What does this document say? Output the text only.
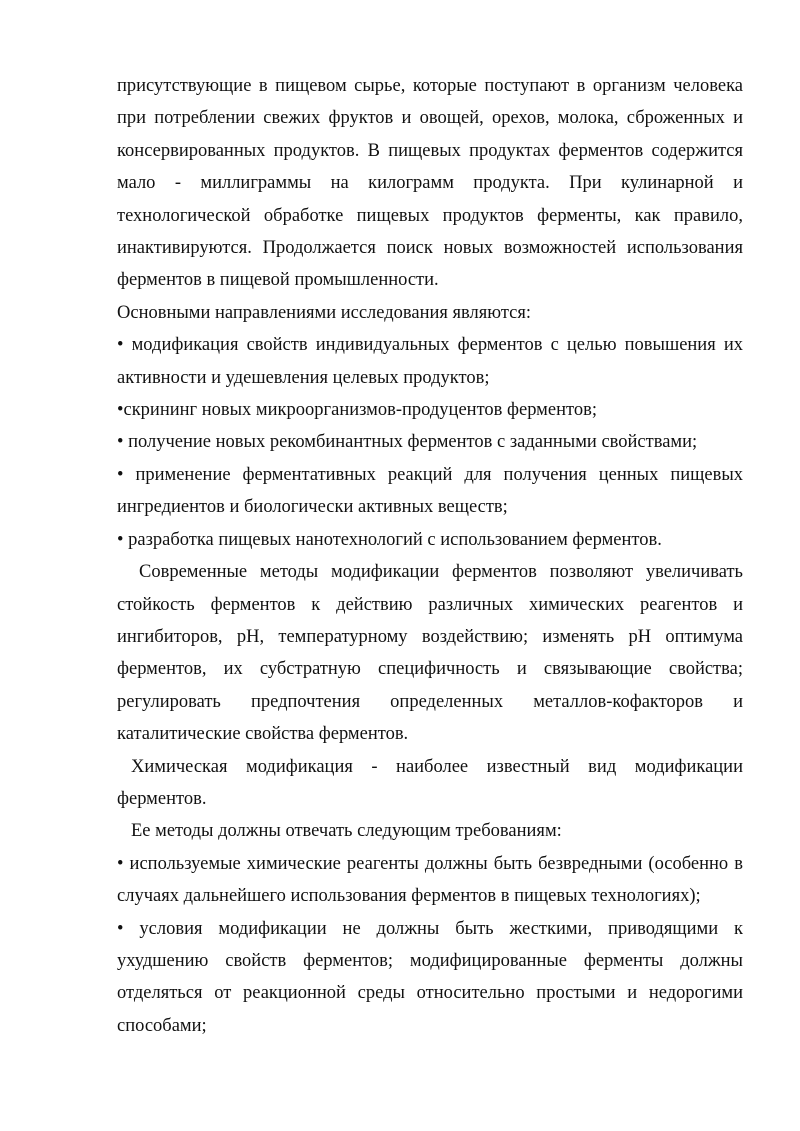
присутствующие в пищевом сырье, которые поступают в организм человека при потреблении свежих фруктов и овощей, орехов, молока, сброженных и консервированных продуктов. В пищевых продуктах ферментов содержится мало - миллиграммы на килограмм продукта. При кулинарной и технологической обработке пищевых продуктов ферменты, как правило, инактивируются. Продолжается поиск новых возможностей использования ферментов в пищевой промышленности.

Основными направлениями исследования являются:

• модификация свойств индивидуальных ферментов с целью повышения их активности и удешевления целевых продуктов;

•скрининг новых микроорганизмов-продуцентов ферментов;

• получение новых рекомбинантных ферментов с заданными свойствами;

• применение ферментативных реакций для получения ценных пищевых ингредиентов и биологически активных веществ;

• разработка пищевых нанотехнологий с использованием ферментов.

Современные методы модификации ферментов позволяют увеличивать стойкость ферментов к действию различных химических реагентов и ингибиторов, pH, температурному воздействию; изменять pH оптимума ферментов, их субстратную специфичность и связывающие свойства; регулировать предпочтения определенных металлов-кофакторов и каталитические свойства ферментов.

Химическая модификация - наиболее известный вид модификации ферментов.

Ее методы должны отвечать следующим требованиям:

• используемые химические реагенты должны быть безвредными (особенно в случаях дальнейшего использования ферментов в пищевых технологиях);

• условия модификации не должны быть жесткими, приводящими к ухудшению свойств ферментов; модифицированные ферменты должны отделяться от реакционной среды относительно простыми и недорогими способами;
